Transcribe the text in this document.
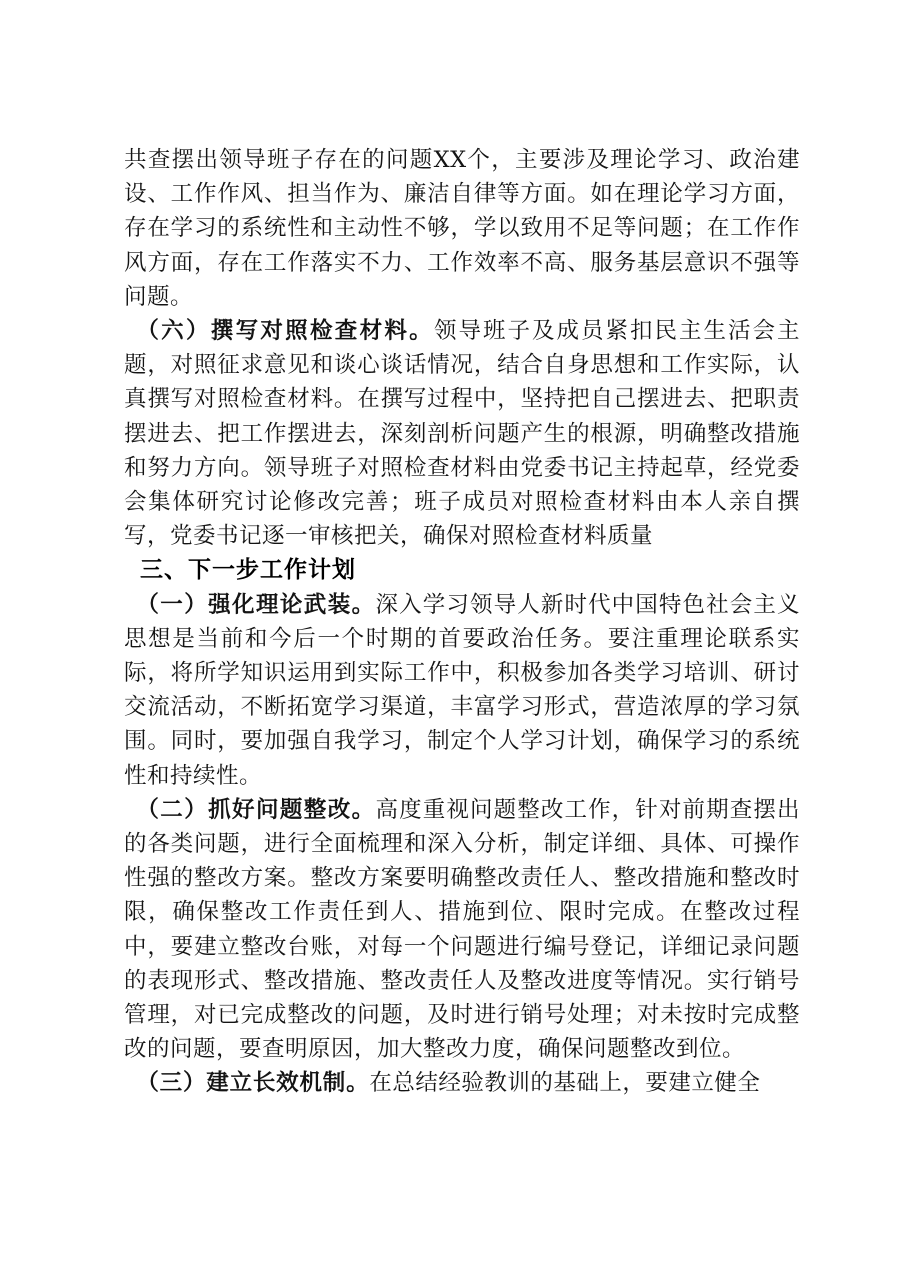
共查摆出领导班子存在的问题XX个，主要涉及理论学习、政治建设、工作作风、担当作为、廉洁自律等方面。如在理论学习方面，存在学习的系统性和主动性不够，学以致用不足等问题；在工作作风方面，存在工作落实不力、工作效率不高、服务基层意识不强等问题。

（六）撰写对照检查材料。领导班子及成员紧扣民主生活会主题，对照征求意见和谈心谈话情况，结合自身思想和工作实际，认真撰写对照检查材料。在撰写过程中，坚持把自己摆进去、把职责摆进去、把工作摆进去，深刻剖析问题产生的根源，明确整改措施和努力方向。领导班子对照检查材料由党委书记主持起草，经党委会集体研究讨论修改完善；班子成员对照检查材料由本人亲自撰写，党委书记逐一审核把关，确保对照检查材料质量

三、下一步工作计划

（一）强化理论武装。深入学习领导人新时代中国特色社会主义思想是当前和今后一个时期的首要政治任务。要注重理论联系实际，将所学知识运用到实际工作中，积极参加各类学习培训、研讨交流活动，不断拓宽学习渠道，丰富学习形式，营造浓厚的学习氛围。同时，要加强自我学习，制定个人学习计划，确保学习的系统性和持续性。

（二）抓好问题整改。高度重视问题整改工作，针对前期查摆出的各类问题，进行全面梳理和深入分析，制定详细、具体、可操作性强的整改方案。整改方案要明确整改责任人、整改措施和整改时限，确保整改工作责任到人、措施到位、限时完成。在整改过程中，要建立整改台账，对每一个问题进行编号登记，详细记录问题的表现形式、整改措施、整改责任人及整改进度等情况。实行销号管理，对已完成整改的问题，及时进行销号处理；对未按时完成整改的问题，要查明原因，加大整改力度，确保问题整改到位。

（三）建立长效机制。在总结经验教训的基础上，要建立健全
